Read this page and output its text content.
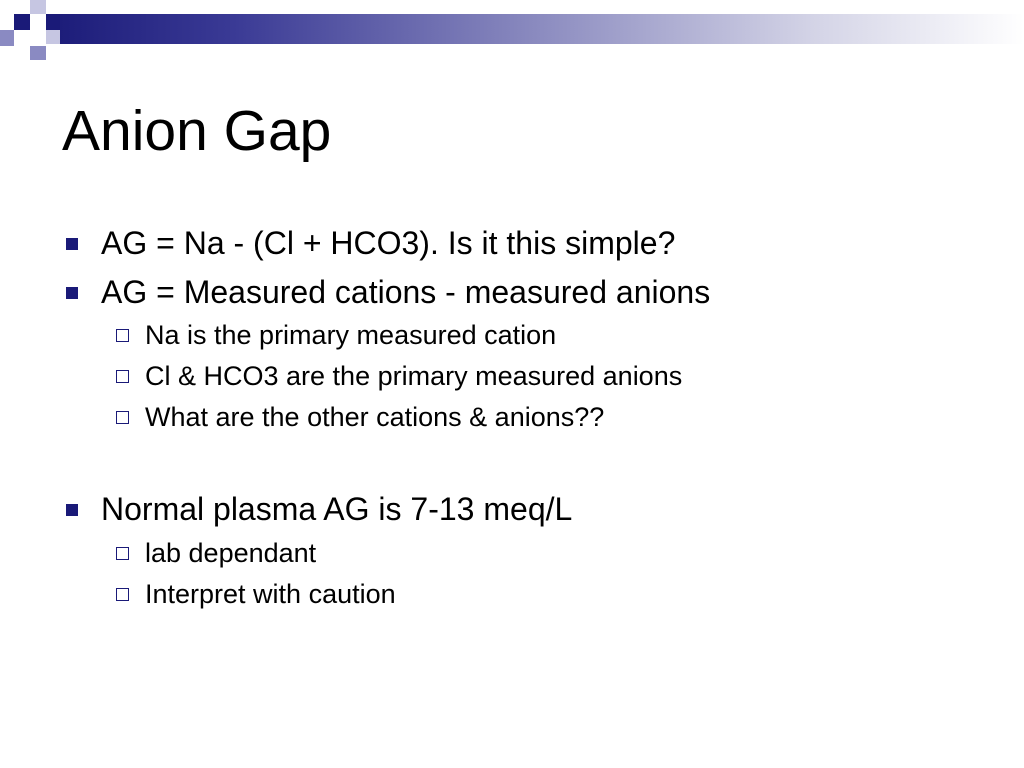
Anion Gap
AG = Na - (Cl + HCO3). Is it this simple?
AG = Measured cations - measured anions
Na is the primary measured cation
Cl & HCO3 are the primary measured anions
What are the other cations & anions??
Normal plasma AG is 7-13 meq/L
lab dependant
Interpret with caution
